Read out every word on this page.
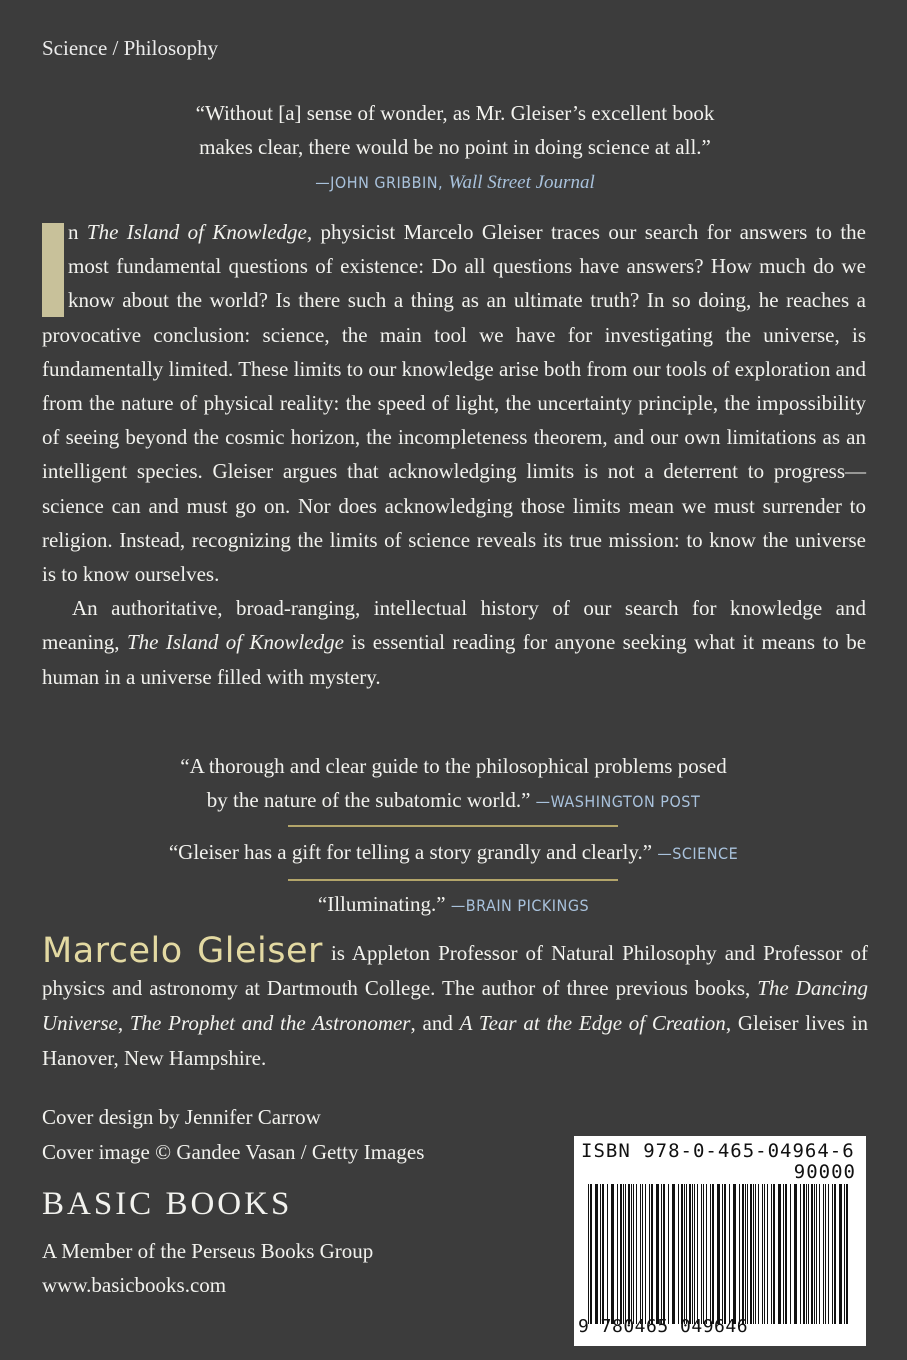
Science / Philosophy
“Without [a] sense of wonder, as Mr. Gleiser’s excellent book
makes clear, there would be no point in doing science at all.”
—JOHN GRIBBIN, Wall Street Journal

n The Island of Knowledge, physicist Marcelo Gleiser traces our search for answers to the most fundamental questions of existence: Do all questions have answers? How much do we know about the world? Is there such a thing as an ultimate truth? In so doing, he reaches a provocative conclusion: science, the main tool we have for investigating the universe, is fundamentally limited. These limits to our knowledge arise both from our tools of exploration and from the nature of physical reality: the speed of light, the uncertainty principle, the impossibility of seeing beyond the cosmic horizon, the incompleteness theorem, and our own limitations as an intelligent species. Gleiser argues that acknowledging limits is not a deterrent to progress—science can and must go on. Nor does acknowledging those limits mean we must surrender to religion. Instead, recognizing the limits of science reveals its true mission: to know the universe is to know ourselves.

An authoritative, broad-ranging, intellectual history of our search for knowledge and meaning, The Island of Knowledge is essential reading for anyone seeking what it means to be human in a universe filled with mystery.

“A thorough and clear guide to the philosophical problems posed
by the nature of the subatomic world.” —WASHINGTON POST
“Gleiser has a gift for telling a story grandly and clearly.” —SCIENCE
“Illuminating.” —BRAIN PICKINGS
Marcelo Gleiser is Appleton Professor of Natural Philosophy and Professor of physics and astronomy at Dartmouth College. The author of three previous books, The Dancing Universe, The Prophet and the Astronomer, and A Tear at the Edge of Creation, Gleiser lives in Hanover, New Hampshire.
Cover design by Jennifer Carrow
Cover image © Gandee Vasan / Getty Images
BASIC BOOKS
A Member of the Perseus Books Group
www.basicbooks.com
ISBN 978-0-465-04964-6
90000
9 780465 049646
